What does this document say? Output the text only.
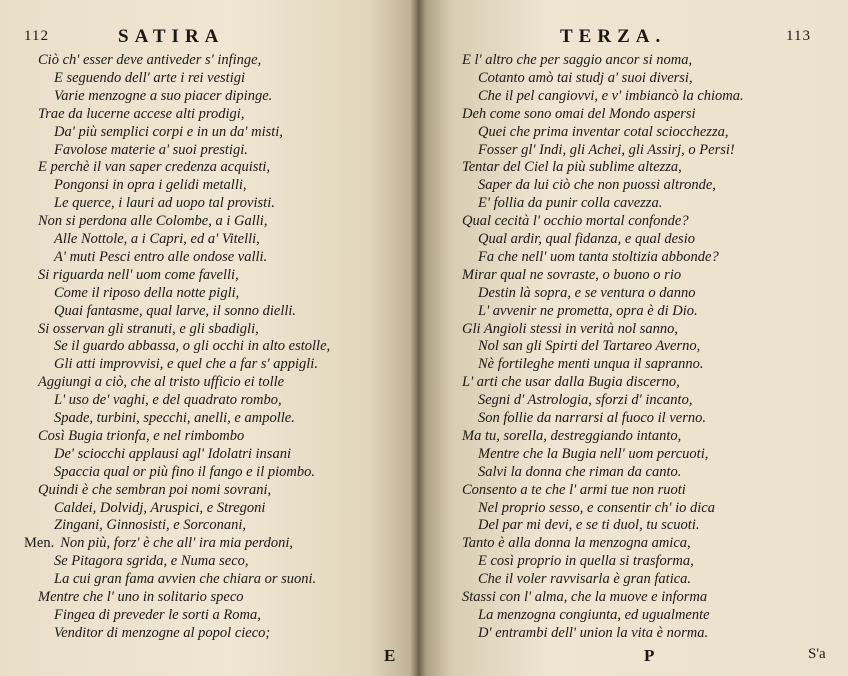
112	SATIRA
Ciò ch' esser deve antiveder s' infinge,
E seguendo dell' arte i rei vestigi
Varie menzogne a suo piacer dipinge.
Trae da lucerne accese alti prodigi,
Da' più semplici corpi e in un da' misti,
Favolose materie a' suoi prestigi.
E perchè il van saper credenza acquisti,
Pongonsi in opra i gelidi metalli,
Le querce, i lauri ad uopo tal provisti.
Non si perdona alle Colombe, a i Galli,
Alle Nottole, a i Capri, ed a' Vitelli,
A' muti Pesci entro alle ondose valli.
Si riguarda nell' uom come favelli,
Come il riposo della notte pigli,
Quai fantasme, qual larve, il sonno dielli.
Si osservan gli stranuti, e gli sbadigli,
Se il guardo abbassa, o gli occhi in alto estolle,
Gli atti improvvisi, e quel che a far s' appigli.
Aggiungi a ciò, che al tristo ufficio ei tolle
L' uso de' vaghi, e del quadrato rombo,
Spade, turbini, specchi, anelli, e ampolle.
Così Bugia trionfa, e nel rimbombo
De' sciocchi applausi agl' Idolatri insani
Spaccia qual or più fino il fango e il piombo.
Quindi è che sembran poi nomi sovrani,
Caldei, Dolvidj, Aruspici, e Stregoni
Zingani, Ginnosisti, e Sorconani,
Men. Non più, forz' è che all' ira mia perdoni,
Se Pitagora sgrida, e Numa seco,
La cui gran fama avvien che chiara or suoni.
Mentre che l' uno in solitario speco
Fingea di preveder le sorti a Roma,
Venditor di menzogne al popol cieco;
E
TERZA.	113
E l' altro che per saggio ancor si noma,
Cotanto amò tai studj a' suoi diversi,
Che il pel cangiovvi, e v' imbiancò la chioma.
Deh come sono omai del Mondo aspersi
Quei che prima inventar cotal sciocchezza,
Fosser gl' Indi, gli Achei, gli Assirj, o Persi!
Tentar del Ciel la più sublime altezza,
Saper da lui ciò che non puossi altronde,
E' follia da punir colla cavezza.
Qual cecità l' occhio mortal confonde?
Qual ardir, qual fidanza, e qual desio
Fa che nell' uom tanta stoltizia abbonde?
Mirar qual ne sovraste, o buono o rio
Destin là sopra, e se ventura o danno
L' avvenir ne prometta, opra è di Dio.
Gli Angioli stessi in verità nol sanno,
Nol san gli Spirti del Tartareo Averno,
Nè fortileghe menti unqua il sapranno.
L' arti che usar dalla Bugia discerno,
Segni d' Astrologia, sforzi d' incanto,
Son follie da narrarsi al fuoco il verno.
Ma tu, sorella, destreggiando intanto,
Mentre che la Bugia nell' uom percuoti,
Salvi la donna che riman da canto.
Consento a te che l' armi tue non ruoti
Nel proprio sesso, e consentir ch' io dica
Del par mi devi, e se ti duol, tu scuoti.
Tanto è alla donna la menzogna amica,
E così proprio in quella si trasforma,
Che il voler ravvisarla è gran fatica.
Stassi con l' alma, che la muove e informa
La menzogna congiunta, ed ugualmente
D' entrambi dell' union la vita è norma.
P	S'a
